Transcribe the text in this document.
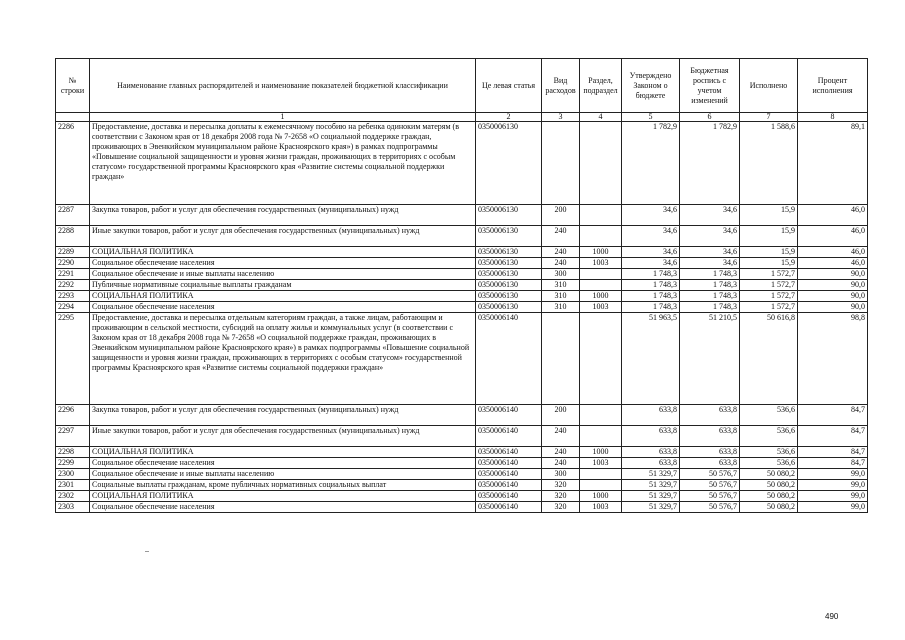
№ строки	Наименование главных распорядителей и наименование показателей бюджетной классификации	Це левая статья	Вид расходов	Раздел, подраздел	Утверждено Законом о бюджете	Бюджетная роспись с учетом изменений	Исполнено	Процент исполнения
	1	2	3	4	5	6	7	8
2286	Предоставление, доставка и пересылка доплаты к ежемесячному пособию на ребенка одиноким матерям (в соответствии с Законом края от 18 декабря 2008 года № 7-2658 «О социальной поддержке граждан, проживающих в Эвенкийском муниципальном районе Красноярского края») в рамках подпрограммы «Повышение социальной защищенности и уровня жизни граждан, проживающих в территориях с особым статусом» государственной программы Красноярского края «Развитие системы социальной поддержки граждан»	0350006130			1 782,9	1 782,9	1 588,6	89,1
2287	Закупка товаров, работ и услуг для обеспечения государственных (муниципальных) нужд	0350006130	200		34,6	34,6	15,9	46,0
2288	Иные закупки товаров, работ и услуг для обеспечения государственных (муниципальных) нужд	0350006130	240		34,6	34,6	15,9	46,0
2289	СОЦИАЛЬНАЯ ПОЛИТИКА	0350006130	240	1000	34,6	34,6	15,9	46,0
2290	Социальное обеспечение населения	0350006130	240	1003	34,6	34,6	15,9	46,0
2291	Социальное обеспечение и иные выплаты населению	0350006130	300		1 748,3	1 748,3	1 572,7	90,0
2292	Публичные нормативные социальные выплаты гражданам	0350006130	310		1 748,3	1 748,3	1 572,7	90,0
2293	СОЦИАЛЬНАЯ ПОЛИТИКА	0350006130	310	1000	1 748,3	1 748,3	1 572,7	90,0
2294	Социальное обеспечение населения	0350006130	310	1003	1 748,3	1 748,3	1 572,7	90,0
2295	Предоставление, доставка и пересылка отдельным категориям граждан, а также лицам, работающим и проживающим в сельской местности, субсидий на оплату жилья и коммунальных услуг (в соответствии с Законом края от 18 декабря 2008 года № 7-2658 «О социальной поддержке граждан, проживающих в Эвенкийском муниципальном районе Красноярского края») в рамках подпрограммы «Повышение социальной защищенности и уровня жизни граждан, проживающих в территориях с особым статусом» государственной программы Красноярского края «Развитие системы социальной поддержки граждан»	0350006140			51 963,5	51 210,5	50 616,8	98,8
2296	Закупка товаров, работ и услуг для обеспечения государственных (муниципальных) нужд	0350006140	200		633,8	633,8	536,6	84,7
2297	Иные закупки товаров, работ и услуг для обеспечения государственных (муниципальных) нужд	0350006140	240		633,8	633,8	536,6	84,7
2298	СОЦИАЛЬНАЯ ПОЛИТИКА	0350006140	240	1000	633,8	633,8	536,6	84,7
2299	Социальное обеспечение населения	0350006140	240	1003	633,8	633,8	536,6	84,7
2300	Социальное обеспечение и иные выплаты населению	0350006140	300		51 329,7	50 576,7	50 080,2	99,0
2301	Социальные выплаты гражданам, кроме публичных нормативных социальных выплат	0350006140	320		51 329,7	50 576,7	50 080,2	99,0
2302	СОЦИАЛЬНАЯ ПОЛИТИКА	0350006140	320	1000	51 329,7	50 576,7	50 080,2	99,0
2303	Социальное обеспечение населения	0350006140	320	1003	51 329,7	50 576,7	50 080,2	99,0
490
